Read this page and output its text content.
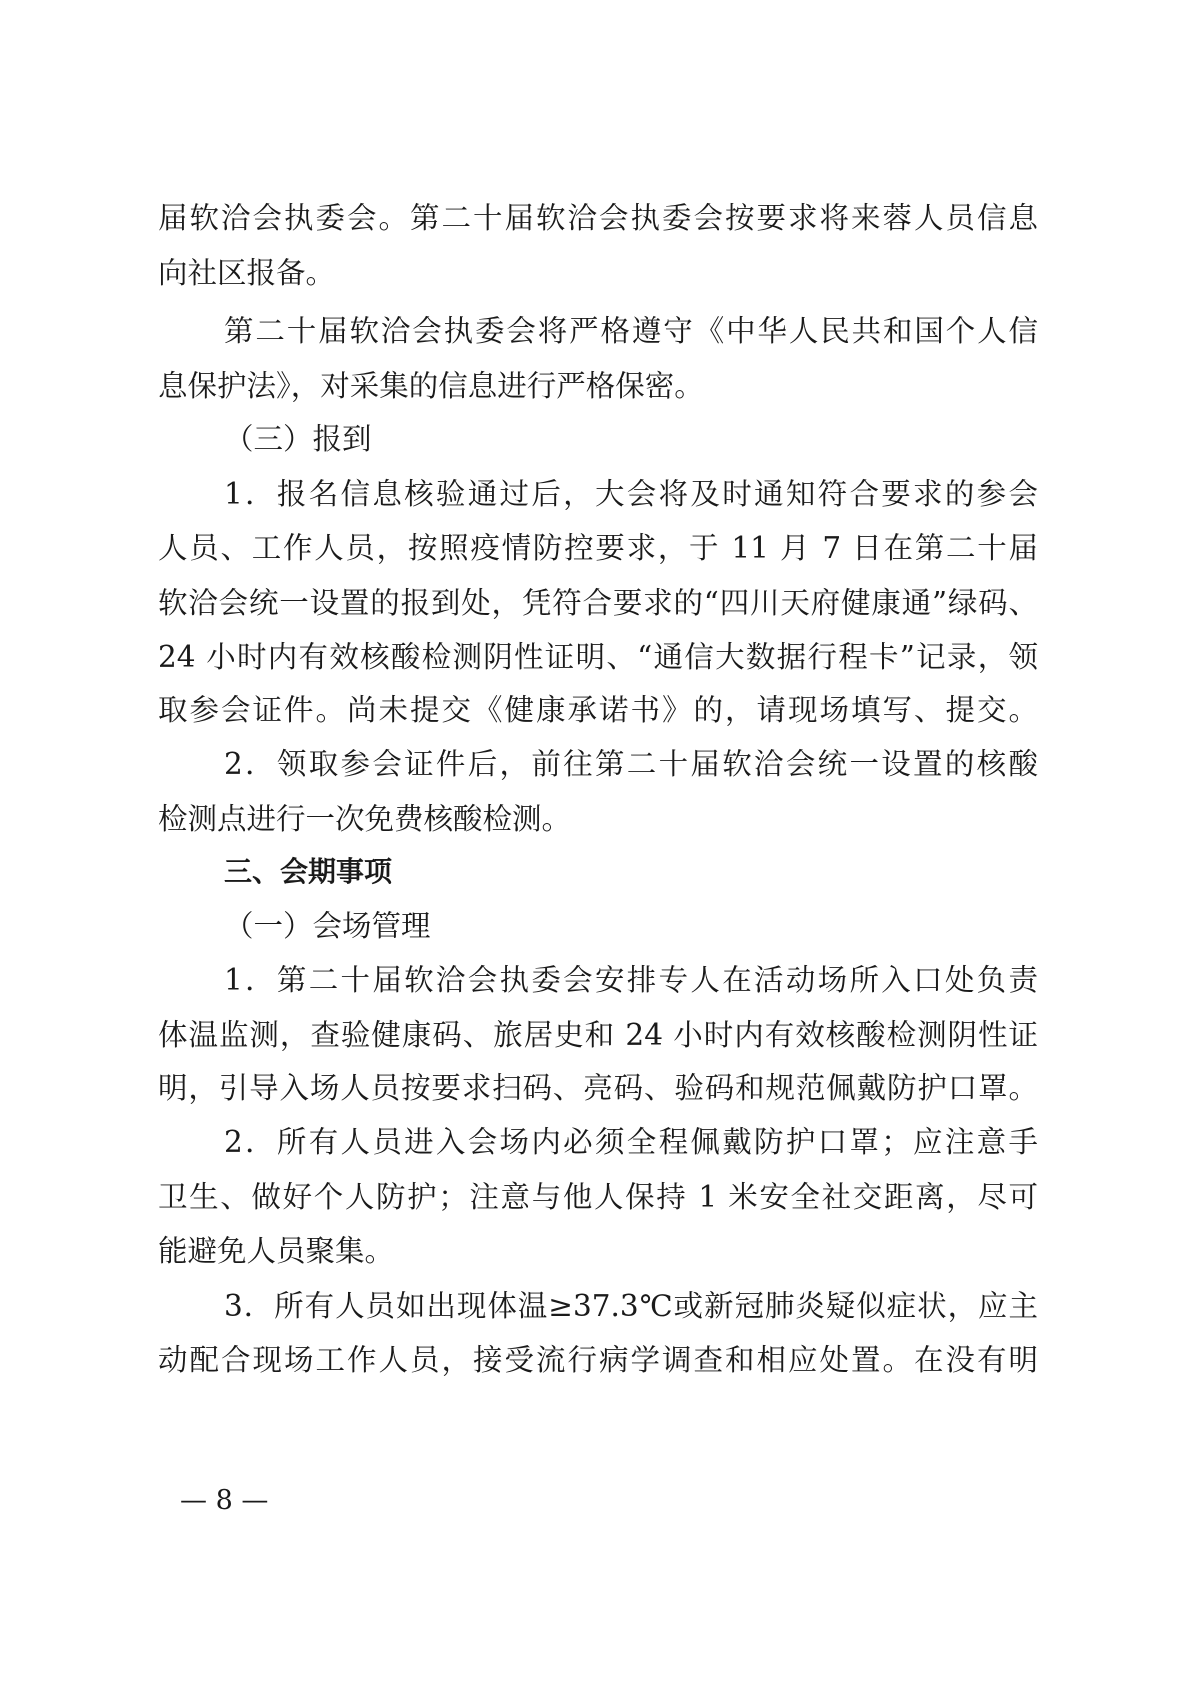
届软洽会执委会。第二十届软洽会执委会按要求将来蓉人员信息
向社区报备。
第二十届软洽会执委会将严格遵守《中华人民共和国个人信
息保护法》，对采集的信息进行严格保密。
（三）报到
1．报名信息核验通过后，大会将及时通知符合要求的参会
人员、工作人员，按照疫情防控要求，于 11 月 7 日在第二十届
软洽会统一设置的报到处，凭符合要求的“四川天府健康通”绿码、
24 小时内有效核酸检测阴性证明、“通信大数据行程卡”记录，领
取参会证件。尚未提交《健康承诺书》的，请现场填写、提交。
2．领取参会证件后，前往第二十届软洽会统一设置的核酸
检测点进行一次免费核酸检测。
三、会期事项
（一）会场管理
1．第二十届软洽会执委会安排专人在活动场所入口处负责
体温监测，查验健康码、旅居史和 24 小时内有效核酸检测阴性证
明，引导入场人员按要求扫码、亮码、验码和规范佩戴防护口罩。
2．所有人员进入会场内必须全程佩戴防护口罩；应注意手
卫生、做好个人防护；注意与他人保持 1 米安全社交距离，尽可
能避免人员聚集。
3．所有人员如出现体温≥37.3℃或新冠肺炎疑似症状，应主
动配合现场工作人员，接受流行病学调查和相应处置。在没有明
— 8 —
